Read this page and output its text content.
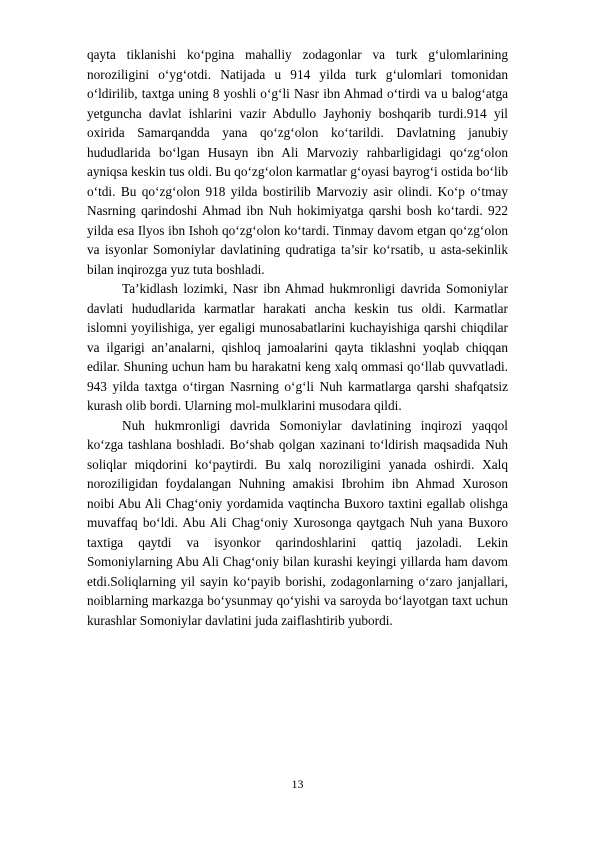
qayta tiklanishi ko‘pgina mahalliy zodagonlar va turk g‘ulomlarining noroziligini o‘yg‘otdi. Natijada u 914 yilda turk g‘ulomlari tomonidan o‘ldirilib, taxtga uning 8 yoshli o‘g‘li Nasr ibn Ahmad o‘tirdi va u balog‘atga yetguncha davlat ishlarini vazir Abdullo Jayhoniy boshqarib turdi.914 yil oxirida Samarqandda yana qo‘zg‘olon ko‘tarildi. Davlatning janubiy hududlarida bo‘lgan Husayn ibn Ali Marvoziy rahbarligidagi qo‘zg‘olon ayniqsa keskin tus oldi. Bu qo‘zg‘olon karmatlar g‘oyasi bayrog‘i ostida bo‘lib o‘tdi. Bu qo‘zg‘olon 918 yilda bostirilib Marvoziy asir olindi. Ko‘p o‘tmay Nasrning qarindoshi Ahmad ibn Nuh hokimiyatga qarshi bosh ko‘tardi. 922 yilda esa Ilyos ibn Ishoh qo‘zg‘olon ko‘tardi. Tinmay davom etgan qo‘zg‘olon va isyonlar Somoniylar davlatining qudratiga ta’sir ko‘rsatib, u asta-sekinlik bilan inqirozga yuz tuta boshladi.

Ta’kidlash lozimki, Nasr ibn Ahmad hukmronligi davrida Somoniylar davlati hududlarida karmatlar harakati ancha keskin tus oldi. Karmatlar islomni yoyilishiga, yer egaligi munosabatlarini kuchayishiga qarshi chiqdilar va ilgarigi an’analarni, qishloq jamoalarini qayta tiklashni yoqlab chiqqan edilar. Shuning uchun ham bu harakatni keng xalq ommasi qo‘llab quvvatladi. 943 yilda taxtga o‘tirgan Nasrning o‘g‘li Nuh karmatlarga qarshi shafqatsiz kurash olib bordi. Ularning mol-mulklarini musodara qildi.

Nuh hukmronligi davrida Somoniylar davlatining inqirozi yaqqol ko‘zga tashlana boshladi. Bo‘shab qolgan xazinani to‘ldirish maqsadida Nuh soliqlar miqdorini ko‘paytirdi. Bu xalq noroziligini yanada oshirdi. Xalq noroziligidan foydalangan Nuhning amakisi Ibrohim ibn Ahmad Xuroson noibi Abu Ali Chag‘oniy yordamida vaqtincha Buxoro taxtini egallab olishga muvaffaq bo‘ldi. Abu Ali Chag‘oniy Xurosonga qaytgach Nuh yana Buxoro taxtiga qaytdi va isyonkor qarindoshlarini qattiq jazoladi. Lekin Somoniylarning Abu Ali Chag‘oniy bilan kurashi keyingi yillarda ham davom etdi.Soliqlarning yil sayin ko‘payib borishi, zodagonlarning o‘zaro janjallari, noiblarning markazga bo‘ysunmay qo‘yishi va saroyda bo‘layotgan taxt uchun kurashlar Somoniylar davlatini juda zaiflashtirib yubordi.

13
